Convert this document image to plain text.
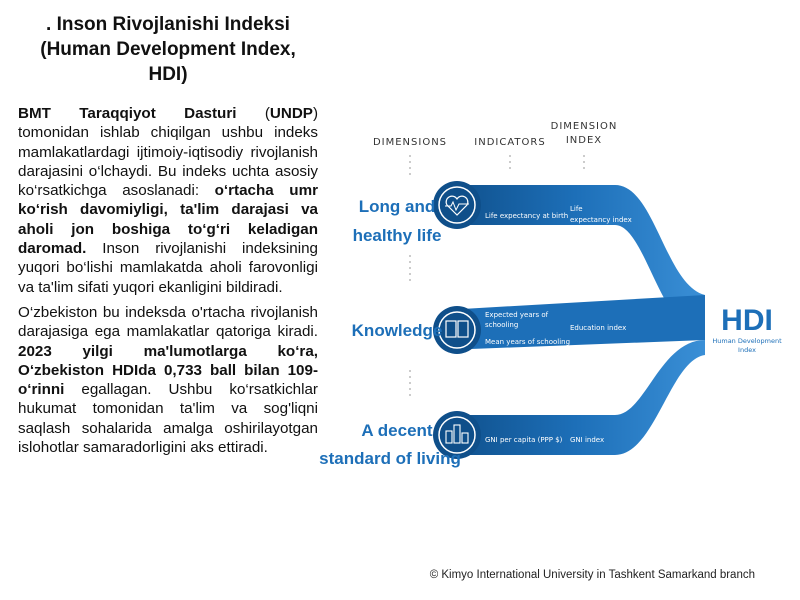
. Inson Rivojlanishi Indeksi
(Human Development Index,
HDI)

BMT Taraqqiyot Dasturi (UNDP) tomonidan ishlab chiqilgan ushbu indeks mamlakatlardagi ijtimoiy-iqtisodiy rivojlanish darajasini o‘lchaydi. Bu indeks uchta asosiy ko‘rsatkichga asoslanadi: o‘rtacha umr ko‘rish davomiyligi, ta'lim darajasi va aholi jon boshiga to‘g‘ri keladigan daromad. Inson rivojlanishi indeksining yuqori bo‘lishi mamlakatda aholi farovonligi va ta'lim sifati yuqori ekanligini bildiradi.

O‘zbekiston bu indeksda o'rtacha rivojlanish darajasiga ega mamlakatlar qatoriga kiradi. 2023 yilgi ma'lumotlarga ko‘ra, O‘zbekiston HDIda 0,733 ball bilan 109-o‘rinni egallagan. Ushbu ko‘rsatkichlar hukumat tomonidan ta'lim va sog'liqni saqlash sohalarida amalga oshirilayotgan islohotlar samaradorligini aks ettiradi.

DIMENSIONS	INDICATORS
DIMENSION
INDEX
Long and
healthy life
Knowledge
A decent
standard of living
Life expectancy at birth
Expected years of
schooling
Mean years of schooling
GNI per capita (PPP $)
Life
expectancy index
Education index
GNI index
HDI
Human Development
Index
© Kimyo International University in Tashkent Samarkand branch
